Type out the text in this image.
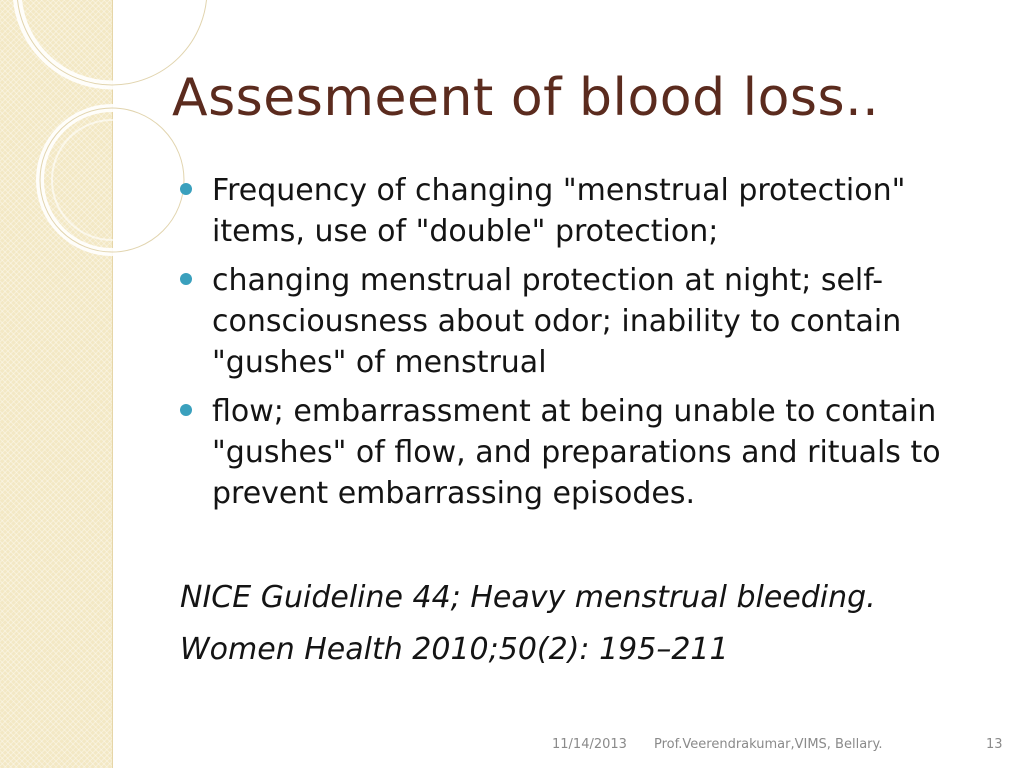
Assesmeent of blood loss..
Frequency of changing "menstrual protection" items, use of "double" protection;
changing menstrual protection at night; self-consciousness about odor; inability to contain "gushes" of menstrual
flow; embarrassment at being unable to contain "gushes" of flow, and preparations and rituals to prevent embarrassing episodes.
NICE Guideline 44; Heavy menstrual bleeding.
Women Health 2010;50(2): 195–211
11/14/2013 Prof.Veerendrakumar,VIMS, Bellary.	13
